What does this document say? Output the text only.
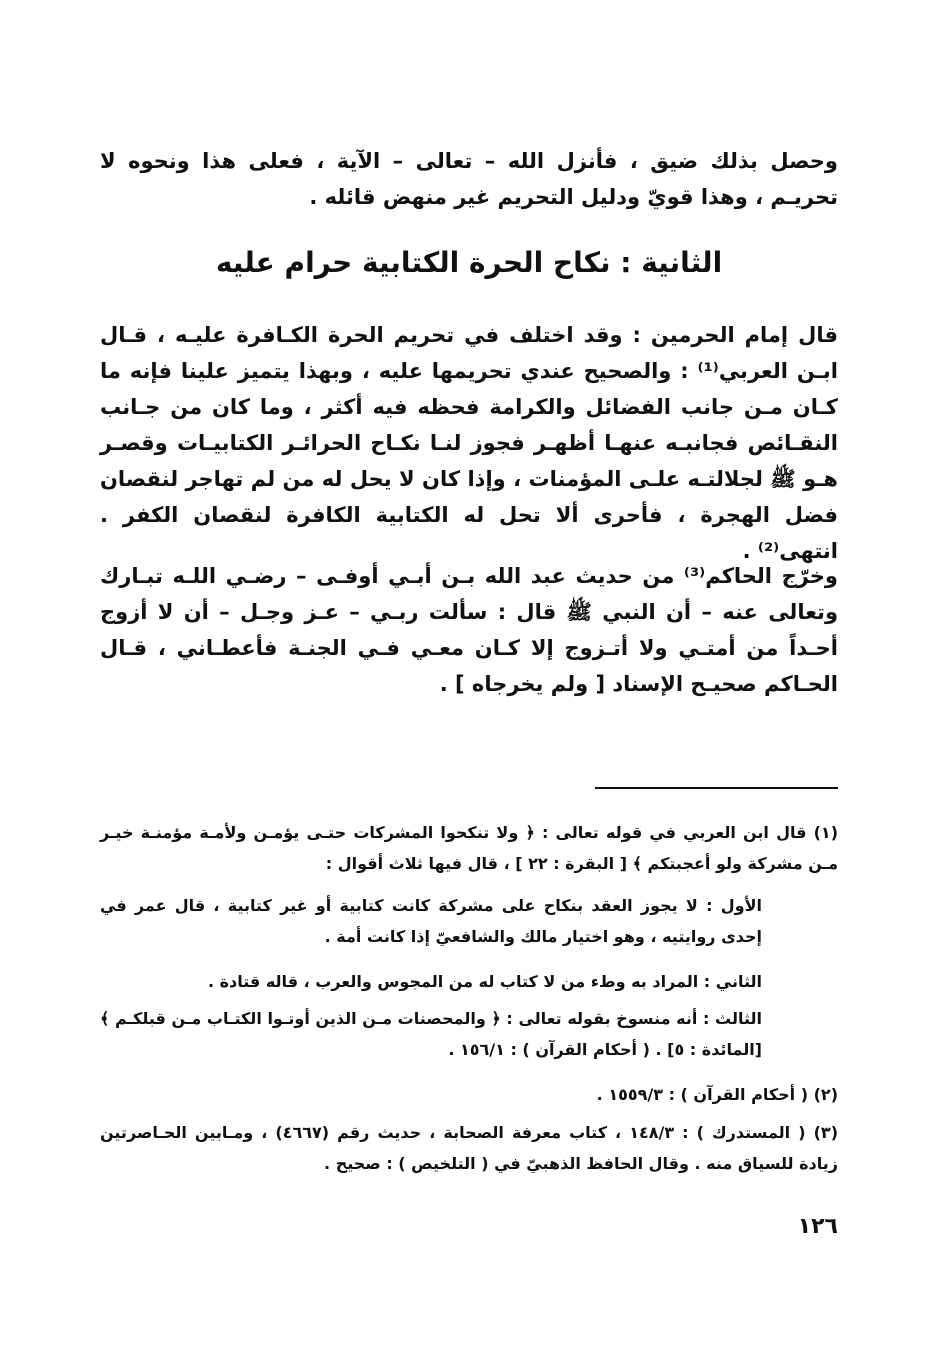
وحصل بذلك ضيق ، فأنزل الله – تعالى – الآية ، فعلى هذا ونحوه لا تحريـم ، وهذا قويّ ودليل التحريم غير منهض قائله .

الثانية : نكاح الحرة الكتابية حرام عليه

قال إمام الحرمين : وقد اختلف في تحريم الحرة الكـافرة عليـه ، قـال ابـن العربي⁽¹⁾ : والصحيح عندي تحريمها عليه ، وبهذا يتميز علينا فإنه ما كـان مـن جانب الفضائل والكرامة فحظه فيه أكثر ، وما كان من جـانب النقـائص فجانبـه عنهـا أظهـر فجوز لنـا نكـاح الحرائـر الكتابيـات وقصـر هـو ﷺ لجلالتـه علـى المؤمنات ، وإذا كان لا يحل له من لم تهاجر لنقصان فضل الهجرة ، فأحرى ألا تحل له الكتابية الكافرة لنقصان الكفر . انتهى⁽²⁾ .

وخرّج الحاكم⁽³⁾ من حديث عبد الله بـن أبـي أوفـى – رضـي اللـه تبـارك وتعالى عنه – أن النبي ﷺ قال : سألت ربـي – عـز وجـل – أن لا أزوج أحـداً من أمتـي ولا أتـزوج إلا كـان معـي فـي الجنـة فأعطـاني ، قـال الحـاكم صحيـح الإسناد [ ولم يخرجاه ] .

(١) قال ابن العربي في قوله تعالى : ﴿ ولا تنكحوا المشركات حتـى يؤمـن ولأمـة مؤمنـة خيـر مـن مشركة ولو أعجبتكم ﴾ [ البقرة : ٢٢ ] ، قال فيها ثلاث أقوال :

الأول : لا يجوز العقد بنكاح على مشركة كانت كتابية أو غير كتابية ، قال عمر في إحدى روايتيه ، وهو اختيار مالك والشافعيّ إذا كانت أمة .

الثاني : المراد به وطء من لا كتاب له من المجوس والعرب ، قاله قتادة .

الثالث : أنه منسوخ بقوله تعالى : ﴿ والمحصنات مـن الذين أوتـوا الكتـاب مـن قبلكـم ﴾ [المائدة : ٥] . ( أحكام القرآن ) : ١٥٦/١ .

(٢) ( أحكام القرآن ) : ١٥٥٩/٣ .

(٣) ( المستدرك ) : ١٤٨/٣ ، كتاب معرفة الصحابة ، حديث رقم (٤٦٦٧) ، ومـابين الحـاصرتين زيادة للسياق منه . وقال الحافظ الذهبيّ في ( التلخيص ) : صحيح .

١٢٦
